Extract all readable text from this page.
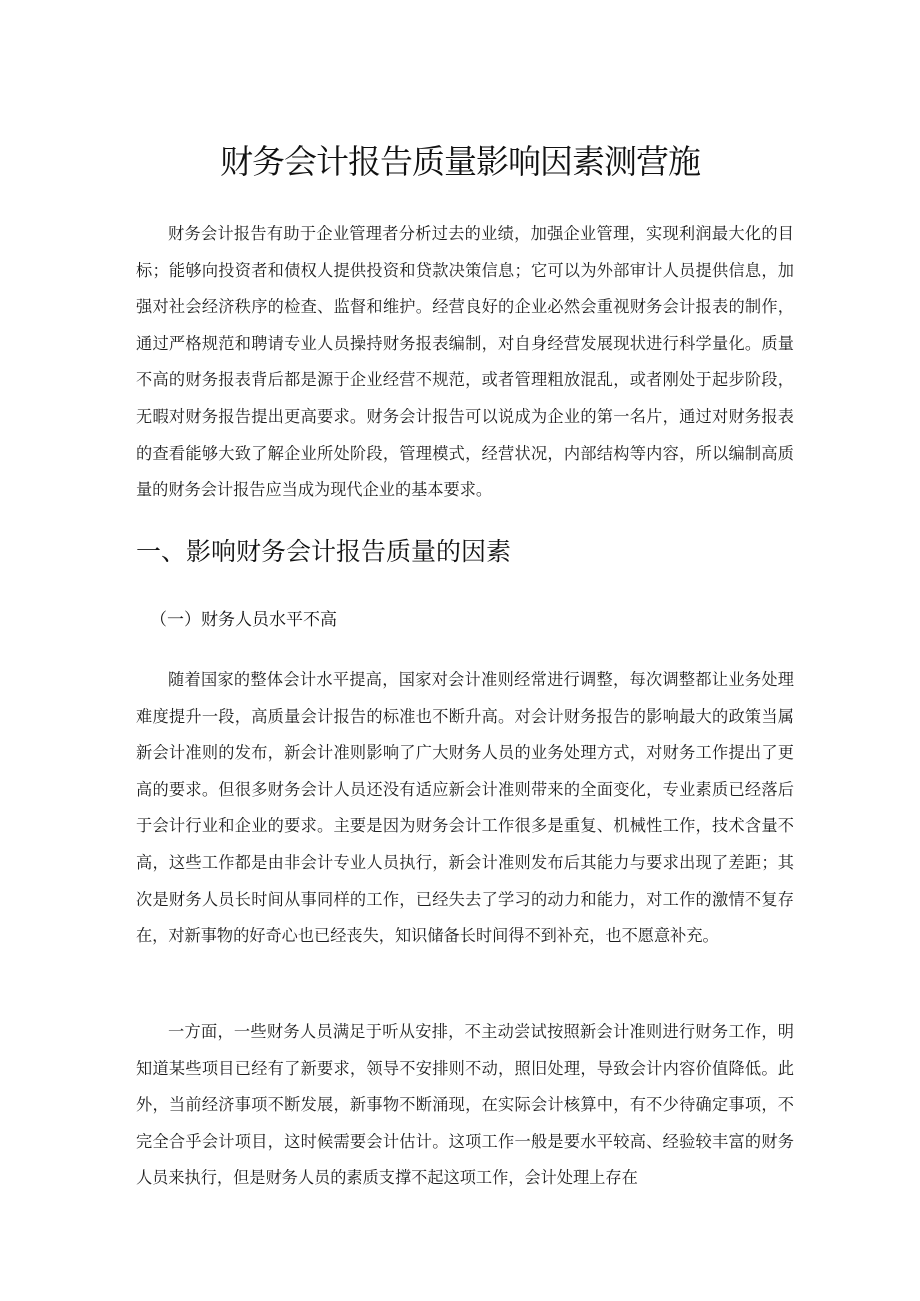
财务会计报告质量影响因素测营施

财务会计报告有助于企业管理者分析过去的业绩，加强企业管理，实现利润最大化的目标；能够向投资者和债权人提供投资和贷款决策信息；它可以为外部审计人员提供信息，加强对社会经济秩序的检查、监督和维护。经营良好的企业必然会重视财务会计报表的制作，通过严格规范和聘请专业人员操持财务报表编制，对自身经营发展现状进行科学量化。质量不高的财务报表背后都是源于企业经营不规范，或者管理粗放混乱，或者刚处于起步阶段，无暇对财务报告提出更高要求。财务会计报告可以说成为企业的第一名片，通过对财务报表的查看能够大致了解企业所处阶段，管理模式，经营状况，内部结构等内容，所以编制高质量的财务会计报告应当成为现代企业的基本要求。

一、影响财务会计报告质量的因素
（一）财务人员水平不高

随着国家的整体会计水平提高，国家对会计准则经常进行调整，每次调整都让业务处理难度提升一段，高质量会计报告的标准也不断升高。对会计财务报告的影响最大的政策当属新会计准则的发布，新会计准则影响了广大财务人员的业务处理方式，对财务工作提出了更高的要求。但很多财务会计人员还没有适应新会计准则带来的全面变化，专业素质已经落后于会计行业和企业的要求。主要是因为财务会计工作很多是重复、机械性工作，技术含量不高，这些工作都是由非会计专业人员执行，新会计准则发布后其能力与要求出现了差距；其次是财务人员长时间从事同样的工作，已经失去了学习的动力和能力，对工作的激情不复存在，对新事物的好奇心也已经丧失，知识储备长时间得不到补充，也不愿意补充。

一方面，一些财务人员满足于听从安排，不主动尝试按照新会计准则进行财务工作，明知道某些项目已经有了新要求，领导不安排则不动，照旧处理，导致会计内容价值降低。此外，当前经济事项不断发展，新事物不断涌现，在实际会计核算中，有不少待确定事项，不完全合乎会计项目，这时候需要会计估计。这项工作一般是要水平较高、经验较丰富的财务人员来执行，但是财务人员的素质支撑不起这项工作，会计处理上存在
